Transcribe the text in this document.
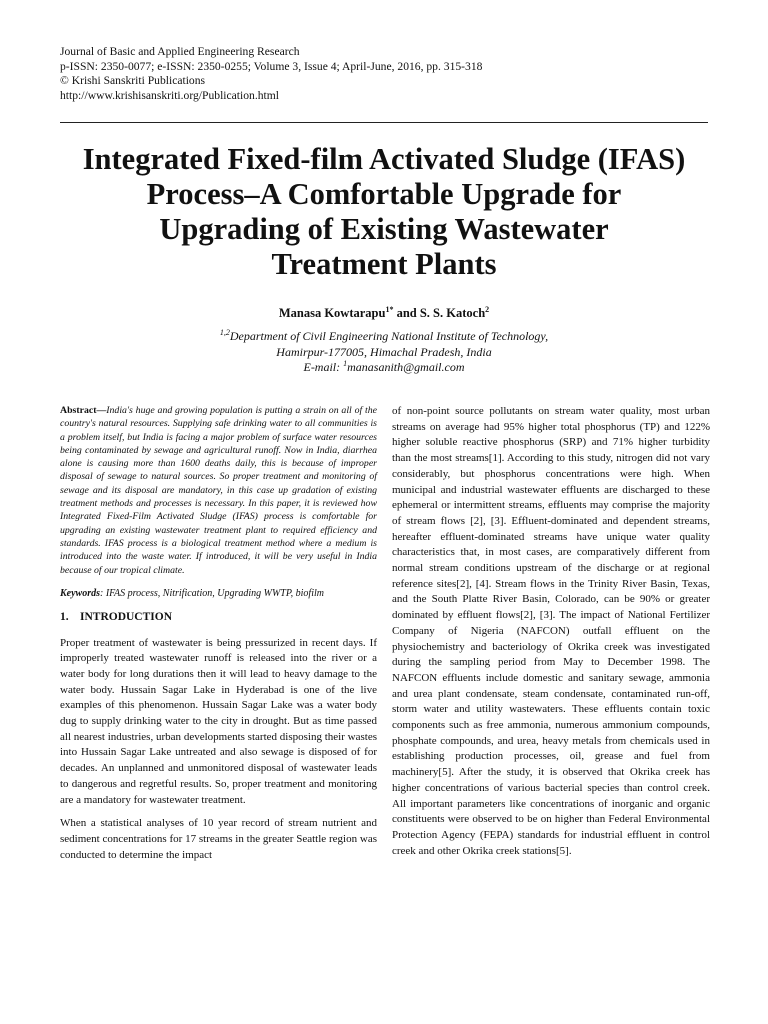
Journal of Basic and Applied Engineering Research
p-ISSN: 2350-0077; e-ISSN: 2350-0255; Volume 3, Issue 4; April-June, 2016, pp. 315-318
© Krishi Sanskriti Publications
http://www.krishisanskriti.org/Publication.html
Integrated Fixed-film Activated Sludge (IFAS)
Process–A Comfortable Upgrade for
Upgrading of Existing Wastewater
Treatment Plants
Manasa Kowtarapu$^{1*}$ and S. S. Katoch$^2$
$^{1,2}$Department of Civil Engineering National Institute of Technology,
Hamirpur-177005, Himachal Pradesh, India
E-mail: $^1$manasanith@gmail.com
Abstract—India's huge and growing population is putting a strain on all of the country's natural resources. Supplying safe drinking water to all communities is a problem itself, but India is facing a major problem of surface water resources being contaminated by sewage and agricultural runoff. Now in India, diarrhea alone is causing more than 1600 deaths daily, this is because of improper disposal of sewage to natural sources. So proper treatment and monitoring of sewage and its disposal are mandatory, in this case up gradation of existing treatment methods and processes is necessary. In this paper, it is reviewed how Integrated Fixed-Film Activated Sludge (IFAS) process is comfortable for upgrading an existing wastewater treatment plant to required efficiency and standards. IFAS process is a biological treatment method where a medium is introduced into the waste water. If introduced, it will be very useful in India because of our tropical climate.
Keywords: IFAS process, Nitrification, Upgrading WWTP, biofilm
1. INTRODUCTION
Proper treatment of wastewater is being pressurized in recent days. If improperly treated wastewater runoff is released into the river or a water body for long durations then it will lead to heavy damage to the water body. Hussain Sagar Lake in Hyderabad is one of the live examples of this phenomenon. Hussain Sagar Lake was a water body dug to supply drinking water to the city in drought. But as time passed all nearest industries, urban developments started disposing their wastes into Hussain Sagar Lake untreated and also sewage is disposed of for decades. An unplanned and unmonitored disposal of wastewater leads to dangerous and regretful results. So, proper treatment and monitoring are a mandatory for wastewater treatment.
When a statistical analyses of 10 year record of stream nutrient and sediment concentrations for 17 streams in the greater Seattle region was conducted to determine the impact
of non-point source pollutants on stream water quality, most urban streams on average had 95% higher total phosphorus (TP) and 122% higher soluble reactive phosphorus (SRP) and 71% higher turbidity than the most streams[1]. According to this study, nitrogen did not vary considerably, but phosphorus concentrations were high. When municipal and industrial wastewater effluents are discharged to these ephemeral or intermittent streams, effluents may comprise the majority of stream flows [2], [3]. Effluent-dominated and dependent streams, hereafter effluent-dominated streams have unique water quality characteristics that, in most cases, are comparatively different from normal stream conditions upstream of the discharge or at regional reference sites[2], [4]. Stream flows in the Trinity River Basin, Texas, and the South Platte River Basin, Colorado, can be 90% or greater dominated by effluent flows[2], [3]. The impact of National Fertilizer Company of Nigeria (NAFCON) outfall effluent on the physiochemistry and bacteriology of Okrika creek was investigated during the sampling period from May to December 1998. The NAFCON effluents include domestic and sanitary sewage, ammonia and urea plant condensate, steam condensate, contaminated run-off, storm water and utility wastewaters. These effluents contain toxic components such as free ammonia, numerous ammonium compounds, phosphate compounds, and urea, heavy metals from chemicals used in establishing production processes, oil, grease and fuel from machinery[5]. After the study, it is observed that Okrika creek has higher concentrations of various bacterial species than control creek. All important parameters like concentrations of inorganic and organic constituents were observed to be on higher than Federal Environmental Protection Agency (FEPA) standards for industrial effluent in control creek and other Okrika creek stations[5].
